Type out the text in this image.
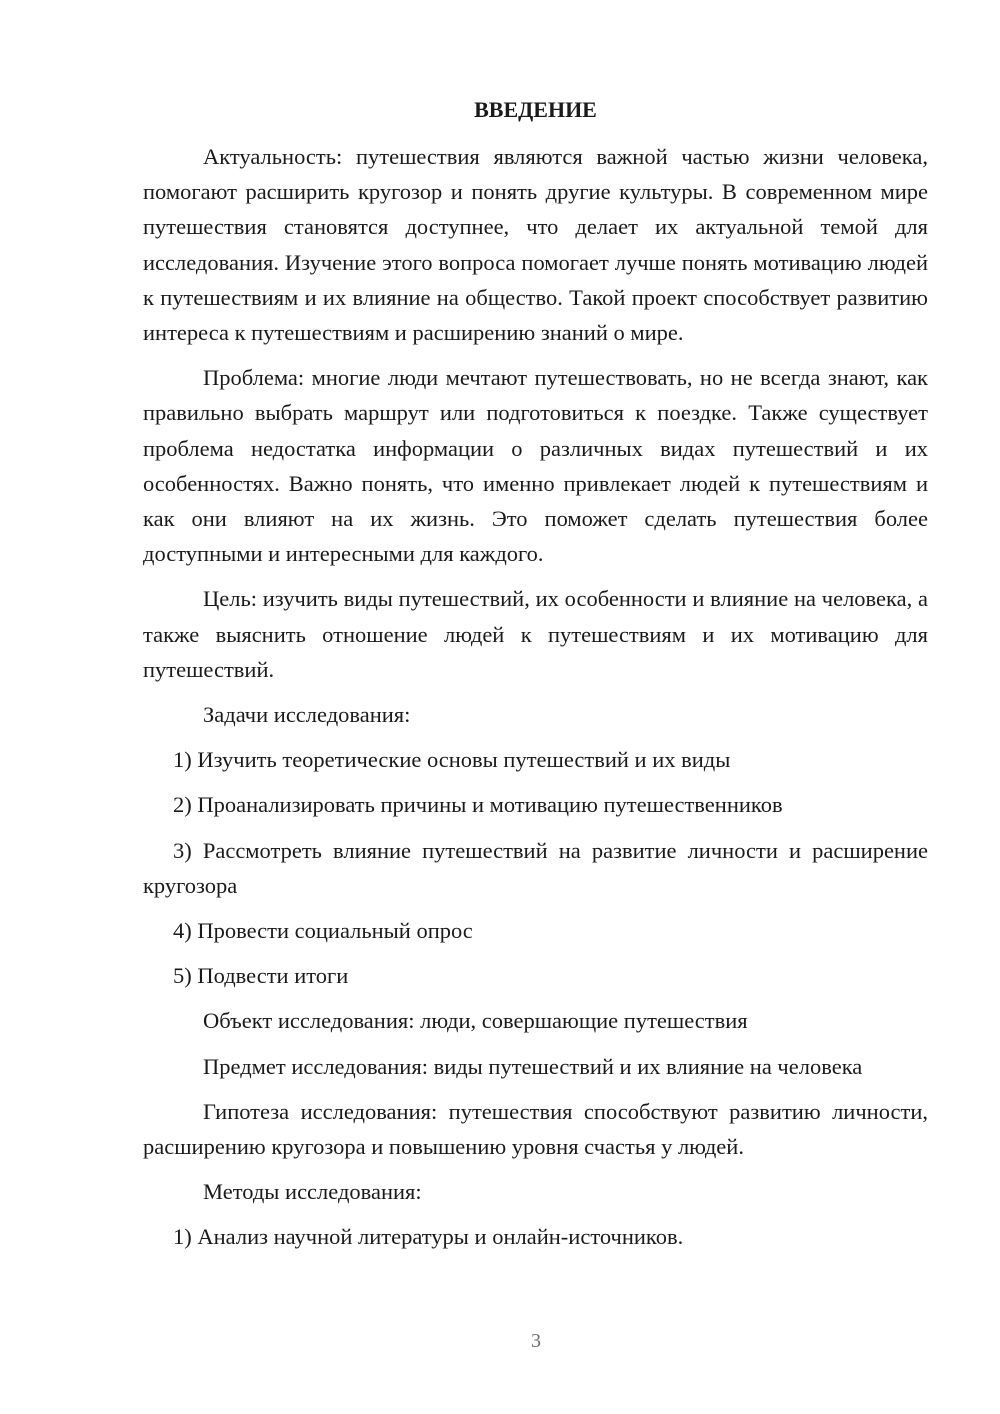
ВВЕДЕНИЕ

Актуальность: путешествия являются важной частью жизни человека, помогают расширить кругозор и понять другие культуры. В современном мире путешествия становятся доступнее, что делает их актуальной темой для исследования. Изучение этого вопроса помогает лучше понять мотивацию людей к путешествиям и их влияние на общество. Такой проект способствует развитию интереса к путешествиям и расширению знаний о мире.

Проблема: многие люди мечтают путешествовать, но не всегда знают, как правильно выбрать маршрут или подготовиться к поездке. Также существует проблема недостатка информации о различных видах путешествий и их особенностях. Важно понять, что именно привлекает людей к путешествиям и как они влияют на их жизнь. Это поможет сделать путешествия более доступными и интересными для каждого.

Цель: изучить виды путешествий, их особенности и влияние на человека, а также выяснить отношение людей к путешествиям и их мотивацию для путешествий.

Задачи исследования:

1) Изучить теоретические основы путешествий и их виды

2) Проанализировать причины и мотивацию путешественников

3) Рассмотреть влияние путешествий на развитие личности и расширение кругозора

4) Провести социальный опрос

5) Подвести итоги

Объект исследования: люди, совершающие путешествия

Предмет исследования: виды путешествий и их влияние на человека

Гипотеза исследования: путешествия способствуют развитию личности, расширению кругозора и повышению уровня счастья у людей.

Методы исследования:

1) Анализ научной литературы и онлайн-источников.

3
